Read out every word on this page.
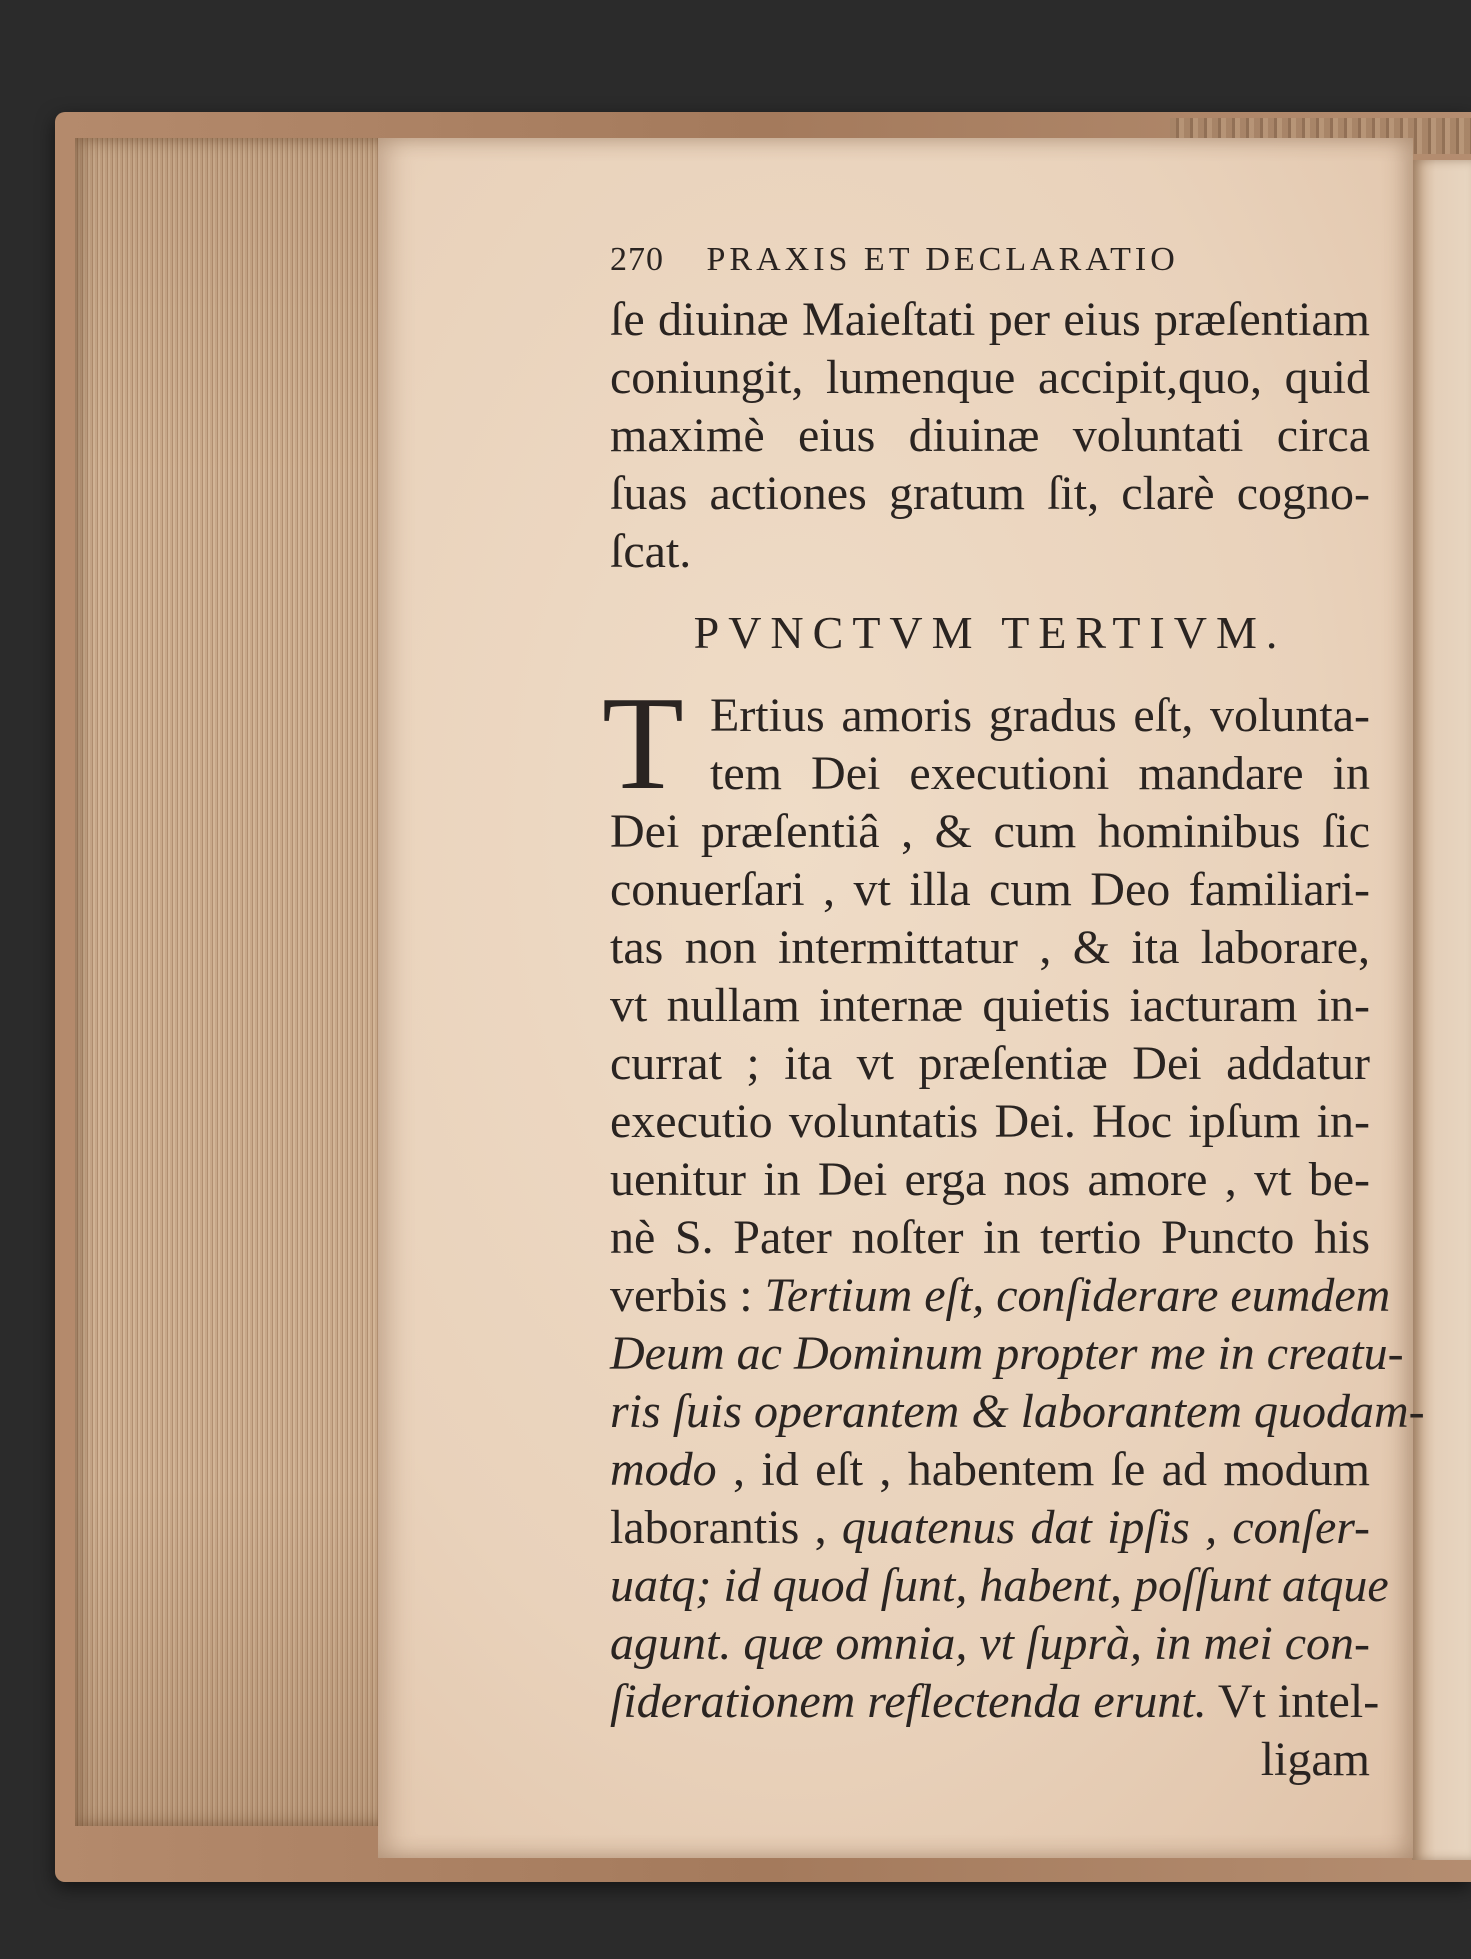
270 PRAXIS ET DECLARATIO
ſe diuinæ Maieſtati per eius præſentiam
coniungit, lumenque accipit,quo, quid
maximè eius diuinæ voluntati circa
ſuas actiones gratum ſit, clarè cogno-
ſcat.
PVNCTVM TERTIVM.
T Ertius amoris gradus eſt, volunta-
tem Dei executioni mandare in
Dei præſentiâ , & cum hominibus ſic
conuerſari , vt illa cum Deo familiari-
tas non intermittatur , & ita laborare,
vt nullam internæ quietis iacturam in-
currat ; ita vt præſentiæ Dei addatur
executio voluntatis Dei. Hoc ipſum in-
uenitur in Dei erga nos amore , vt be-
nè S. Pater noſter in tertio Puncto his
verbis : Tertium eſt, conſiderare eumdem
Deum ac Dominum propter me in creatu-
ris ſuis operantem & laborantem quodam-
modo , id eſt , habentem ſe ad modum
laborantis , quatenus dat ipſis , conſer-
uatq; id quod ſunt, habent, poſſunt atque
agunt. quæ omnia, vt ſuprà, in mei con-
ſiderationem reflectenda erunt. Vt intel-
ligam
